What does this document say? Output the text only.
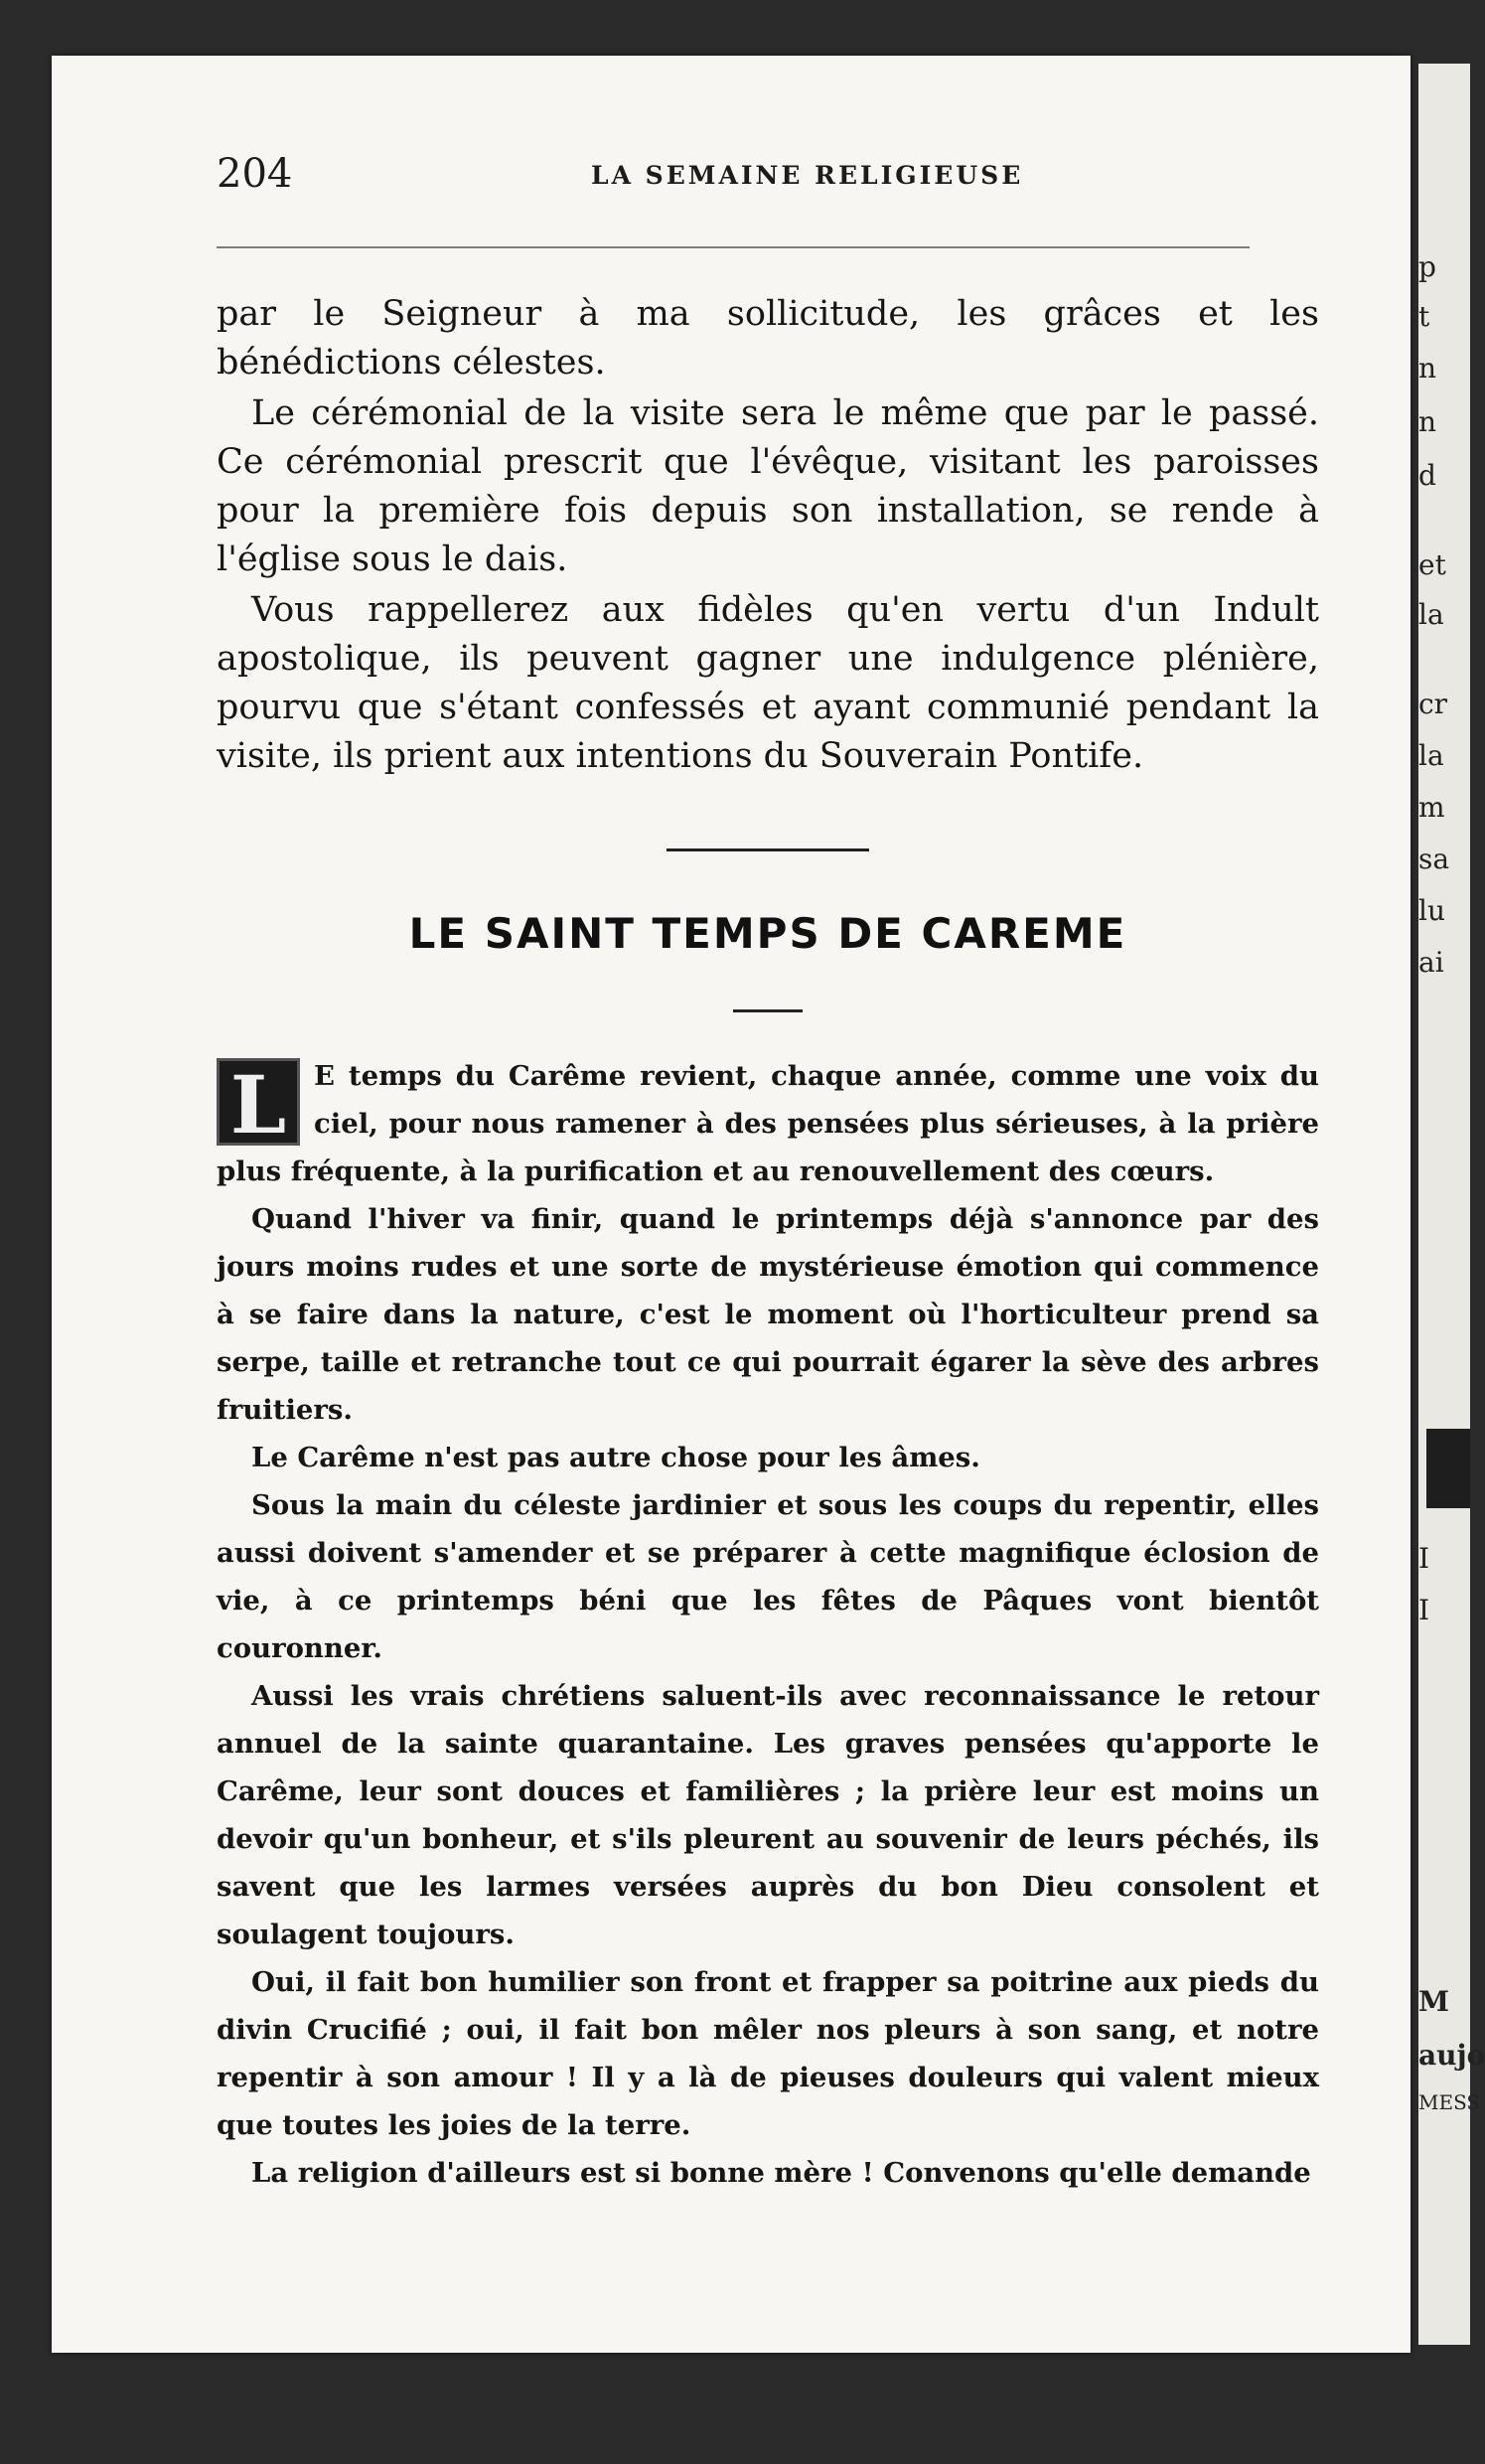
p
t
n
n
d
et
la
cr
la
m
sa
lu
ai
I
I
M
aujo
MESS
204	LA SEMAINE RELIGIEUSE

par le Seigneur à ma sollicitude, les grâces et les bénédictions célestes.

Le cérémonial de la visite sera le même que par le passé. Ce cérémonial prescrit que l'évêque, visitant les paroisses pour la première fois depuis son installation, se rende à l'église sous le dais.

Vous rappellerez aux fidèles qu'en vertu d'un Indult apostolique, ils peuvent gagner une indulgence plénière, pourvu que s'étant confessés et ayant communié pendant la visite, ils prient aux intentions du Souverain Pontife.

LE SAINT TEMPS DE CAREME
L	E temps du Carême revient, chaque année, comme une voix du ciel, pour nous ramener à des pensées plus sérieuses, à la prière plus fréquente, à la purification et au renouvellement des cœurs.

Quand l'hiver va finir, quand le printemps déjà s'annonce par des jours moins rudes et une sorte de mystérieuse émotion qui commence à se faire dans la nature, c'est le moment où l'horticulteur prend sa serpe, taille et retranche tout ce qui pourrait égarer la sève des arbres fruitiers.

Le Carême n'est pas autre chose pour les âmes.

Sous la main du céleste jardinier et sous les coups du repentir, elles aussi doivent s'amender et se préparer à cette magnifique éclosion de vie, à ce printemps béni que les fêtes de Pâques vont bientôt couronner.

Aussi les vrais chrétiens saluent-ils avec reconnaissance le retour annuel de la sainte quarantaine. Les graves pensées qu'apporte le Carême, leur sont douces et familières ; la prière leur est moins un devoir qu'un bonheur, et s'ils pleurent au souvenir de leurs péchés, ils savent que les larmes versées auprès du bon Dieu consolent et soulagent toujours.

Oui, il fait bon humilier son front et frapper sa poitrine aux pieds du divin Crucifié ; oui, il fait bon mêler nos pleurs à son sang, et notre repentir à son amour ! Il y a là de pieuses douleurs qui valent mieux que toutes les joies de la terre.

La religion d'ailleurs est si bonne mère ! Convenons qu'elle demande
